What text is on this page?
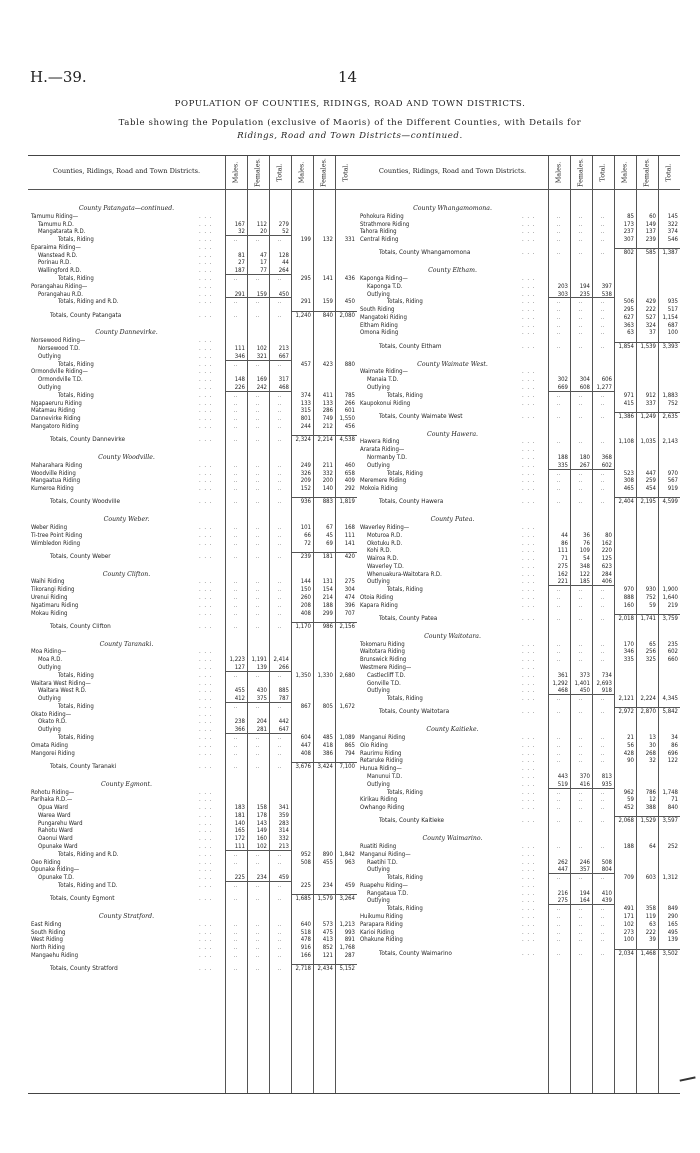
H.—39.	14
POPULATION OF COUNTIES, RIDINGS, ROAD AND TOWN DISTRICTS.
Table showing the Population (exclusive of Maoris) of the Different Counties, with Details for
Ridings, Road and Town Districts—continued.
Counties, Ridings, Road and Town Districts.	Males. Females. Total. Males. Females. Total.
County Patangata—continued.
Tamumu Riding—	. . .
Tamumu R.D.	. . .	167	112	279
Mangatarata R.D.	. . .	32	20	52
Totals, Riding	. . .	..	..	..	199	132	331
Eparaima Riding—	. . .
Wanstead R.D.	. . .	81	47	128
Porinau R.D.	. . .	27	17	44
Wallingford R.D.	. . .	187	77	264
Totals, Riding	. . .	..	..	..	295	141	436
Porangahau Riding—	. . .
Porangahau R.D.	. . .	291	159	450
Totals, Riding and R.D.	. . .	..	..	..	291	159	450
Totals, County Patangata	. . .	..	..	..	1,240	840	2,080
County Dannevirke.
Norsewood Riding—	. . .
Norsewood T.D.	. . .	111	102	213
Outlying	. . .	346	321	667
Totals, Riding	. . .	..	..	..	457	423	880
Ormondville Riding—	. . .
Ormondville T.D.	. . .	148	169	317
Outlying	. . .	226	242	468
Totals, Riding	. . .	..	..	..	374	411	785
Ngapaeruru Riding	. . .	..	..	..	133	133	266
Matamau Riding	. . .	..	..	..	315	286	601
Dannevirke Riding	. . .	..	..	..	801	749	1,550
Mangatoro Riding	. . .	..	..	..	244	212	456
Totals, County Dannevirke	. . .	..	..	..	2,324	2,214	4,538
County Woodville.
Maharahara Riding	. . .	..	..	..	249	211	460
Woodville Riding	. . .	..	..	..	326	332	658
Mangaatua Riding	. . .	..	..	..	209	200	409
Kumeroa Riding	. . .	..	..	..	152	140	292
Totals, County Woodville	. . .	..	..	..	936	883	1,819
County Weber.
Weber Riding	. . .	..	..	..	101	67	168
Ti-tree Point Riding	. . .	..	..	..	66	45	111
Wimbledon Riding	. . .	..	..	..	72	69	141
Totals, County Weber	. . .	..	..	..	239	181	420
County Clifton.
Waihi Riding	. . .	..	..	..	144	131	275
Tikorangi Riding	. . .	..	..	..	150	154	304
Urenui Riding	. . .	..	..	..	260	214	474
Ngatimaru Riding	. . .	..	..	..	208	188	396
Mokau Riding	. . .	..	..	..	408	299	707
Totals, County Clifton	. . .	..	..	..	1,170	986	2,156
County Taranaki.
Moa Riding—	. . .
Moa R.D.	. . .	1,223	1,191	2,414
Outlying	. . .	127	139	266
Totals, Riding	. . .	..	..	..	1,350	1,330	2,680
Waitara West Riding—	. . .
Waitara West R.D.	. . .	455	430	885
Outlying	. . .	412	375	787
Totals, Riding	. . .	..	..	..	867	805	1,672
Okato Riding—	. . .
Okato R.D.	. . .	238	204	442
Outlying	. . .	366	281	647
Totals, Riding	. . .	..	..	..	604	485	1,089
Omata Riding	. . .	..	..	..	447	418	865
Mangorei Riding	. . .	..	..	..	408	386	794
Totals, County Taranaki	. . .	..	..	..	3,676	3,424	7,100
County Egmont.
Rohotu Riding—	. . .
Parihaka R.D.—	. . .
Opua Ward	. . .	183	158	341
Warea Ward	. . .	181	178	359
Pungarehu Ward	. . .	140	143	283
Rahotu Ward	. . .	165	149	314
Oaonui Ward	. . .	172	160	332
Opunake Ward	. . .	111	102	213
Totals, Riding and R.D.	. . .	..	..	..	952	890	1,842
Oeo Riding	. . .	..	..	..	508	455	963
Opunake Riding—	. . .
Opunake T.D.	. . .	225	234	459
Totals, Riding and T.D.	. . .	..	..	..	225	234	459
Totals, County Egmont	. . .	..	..	..	1,685	1,579	3,264
County Stratford.
East Riding	. . .	..	..	..	640	573	1,213
South Riding	. . .	..	..	..	518	475	993
West Riding	. . .	..	..	..	478	413	891
North Riding	. . .	..	..	..	916	852	1,768
Mangaehu Riding	. . .	..	..	..	166	121	287
Totals, County Stratford	. . .	..	..	..	2,718	2,434	5,152
Counties, Ridings, Road and Town Districts.	Males. Females. Total. Males. Females. Total.
County Whangamomona.
Pohokura Riding	. . .	..	..	..	85	60	145
Strathmore Riding	. . .	..	..	..	173	149	322
Tahora Riding	. . .	..	..	..	237	137	374
Central Riding	. . .	..	..	..	307	239	546
Totals, County Whangamomona	. . .	..	..	..	802	585	1,387
County Eltham.
Kaponga Riding—	. . .
Kaponga T.D.	. . .	203	194	397
Outlying	. . .	303	235	538
Totals, Riding	. . .	..	..	..	506	429	935
South Riding	. . .	..	..	..	295	222	517
Mangatoki Riding	. . .	..	..	..	627	527	1,154
Eltham Riding	. . .	..	..	..	363	324	687
Omona Riding	. . .	..	..	..	63	37	100
Totals, County Eltham	. . .	..	..	..	1,854	1,539	3,393
County Waimate West.
Waimate Riding—	. . .
Manaia T.D.	. . .	302	304	606
Outlying	. . .	669	608	1,277
Totals, Riding	. . .	..	..	..	971	912	1,883
Kaupokonui Riding	. . .	..	..	..	415	337	752
Totals, County Waimate West	. . .	..	..	..	1,386	1,249	2,635
County Hawera.
Hawera Riding	. . .	..	..	..	1,108	1,035	2,143
Ararata Riding—	. . .
Normanby T.D.	. . .	188	180	368
Outlying	. . .	335	267	602
Totals, Riding	. . .	..	..	..	523	447	970
Meremere Riding	. . .	..	..	..	308	259	567
Mokoia Riding	. . .	..	..	..	465	454	919
Totals, County Hawera	. . .	..	..	..	2,404	2,195	4,599
County Patea.
Waverley Riding—	. . .
Moturoa R.D.	. . .	44	36	80
Okotuku R.D.	. . .	86	76	162
Kohi R.D.	. . .	111	109	220
Wairoa R.D.	. . .	71	54	125
Waverley T.D.	. . .	275	348	623
Whenuakura-Waitotara R.D.	. . .	162	122	284
Outlying	. . .	221	185	406
Totals, Riding	. . .	..	..	..	970	930	1,900
Otoia Riding	. . .	..	..	..	888	752	1,640
Kapara Riding	. . .	..	..	..	160	59	219
Totals, County Patea	. . .	..	..	..	2,018	1,741	3,759
County Waitotara.
Tokomaru Riding	. . .	..	..	..	170	65	235
Waitotara Riding	. . .	..	..	..	346	256	602
Brunswick Riding	. . .	..	..	..	335	325	660
Westmere Riding—	. . .
Castlecliff T.D.	. . .	361	373	734
Gonville T.D.	. . .	1,292	1,401	2,693
Outlying	. . .	468	450	918
Totals, Riding	. . .	..	..	..	2,121	2,224	4,345
Totals, County Waitotara	. . .	..	..	..	2,972	2,870	5,842
County Kaitieke.
Manganui Riding	. . .	..	..	..	21	13	34
Oio Riding	. . .	..	..	..	56	30	86
Raurimu Riding	. . .	..	..	..	428	268	696
Retaruke Riding	. . .	..	..	..	90	32	122
Hunua Riding—	. . .
Manunui T.D.	. . .	443	370	813
Outlying	. . .	519	416	935
Totals, Riding	. . .	..	..	..	962	786	1,748
Kirikau Riding	. . .	..	..	..	59	12	71
Owhango Riding	. . .	..	..	..	452	388	840
Totals, County Kaitieke	. . .	..	..	..	2,068	1,529	3,597
County Waimarino.
Ruatiti Riding	. . .	..	..	..	188	64	252
Manganui Riding—	. . .
Raetihi T.D.	. . .	262	246	508
Outlying	. . .	447	357	804
Totals, Riding	. . .	..	..	..	709	603	1,312
Ruapehu Riding—	. . .
Rangataua T.D.	. . .	216	194	410
Outlying	. . .	275	164	439
Totals, Riding	. . .	..	..	..	491	358	849
Huikumu Riding	. . .	..	..	..	171	119	290
Parapara Riding	. . .	..	..	..	102	63	165
Karioi Riding	. . .	..	..	..	273	222	495
Ohakune Riding	. . .	..	..	..	100	39	139
Totals, County Waimarino	. . .	..	..	..	2,034	1,468	3,502
